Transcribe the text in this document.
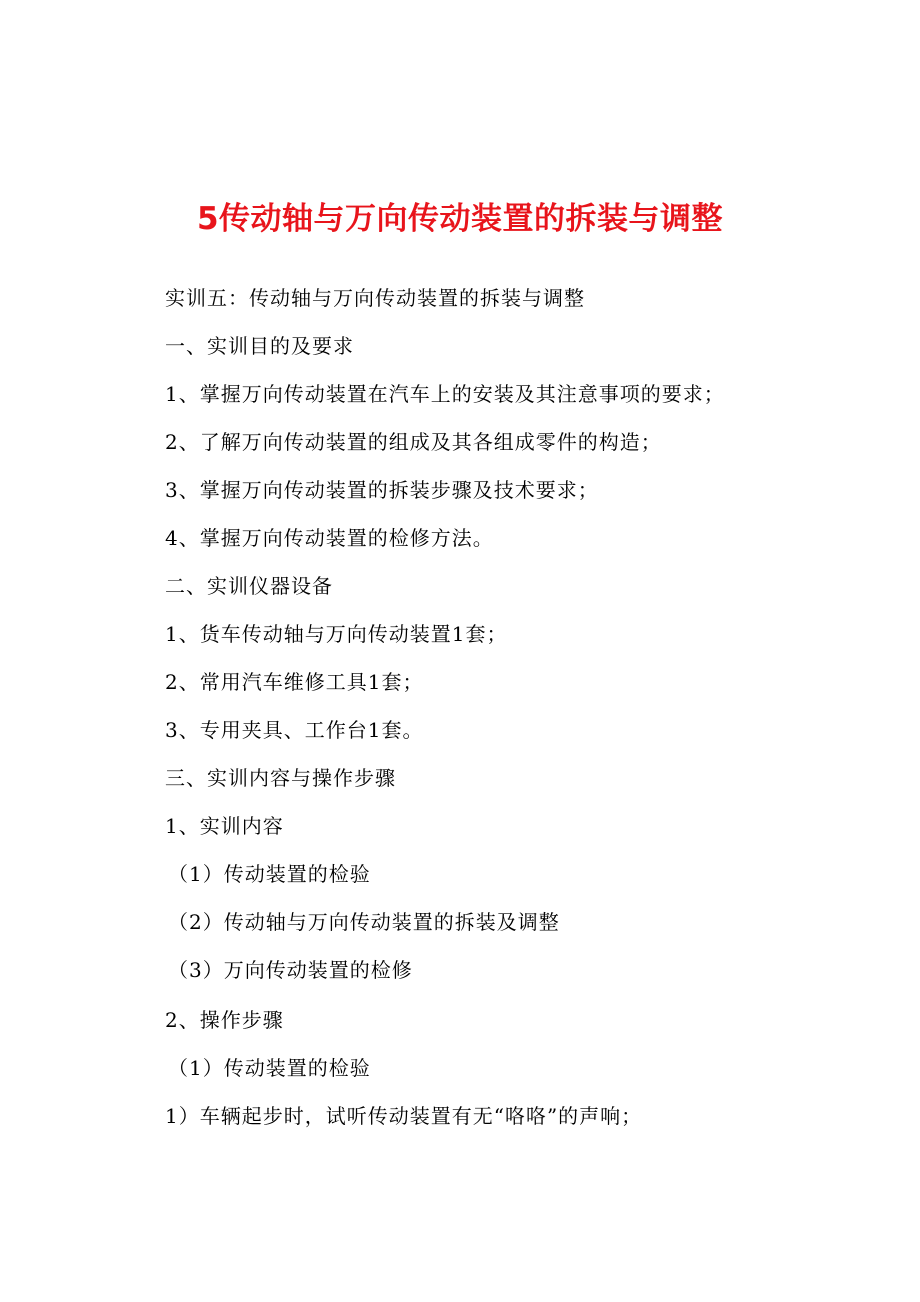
5传动轴与万向传动装置的拆装与调整
实训五：传动轴与万向传动装置的拆装与调整
一、实训目的及要求
1、掌握万向传动装置在汽车上的安装及其注意事项的要求；
2、了解万向传动装置的组成及其各组成零件的构造；
3、掌握万向传动装置的拆装步骤及技术要求；
4、掌握万向传动装置的检修方法。
二、实训仪器设备
1、货车传动轴与万向传动装置1套；
2、常用汽车维修工具1套；
3、专用夹具、工作台1套。
三、实训内容与操作步骤
1、实训内容
（1）传动装置的检验
（2）传动轴与万向传动装置的拆装及调整
（3）万向传动装置的检修
2、操作步骤
（1）传动装置的检验
1）车辆起步时，试听传动装置有无“咯咯”的声响；
